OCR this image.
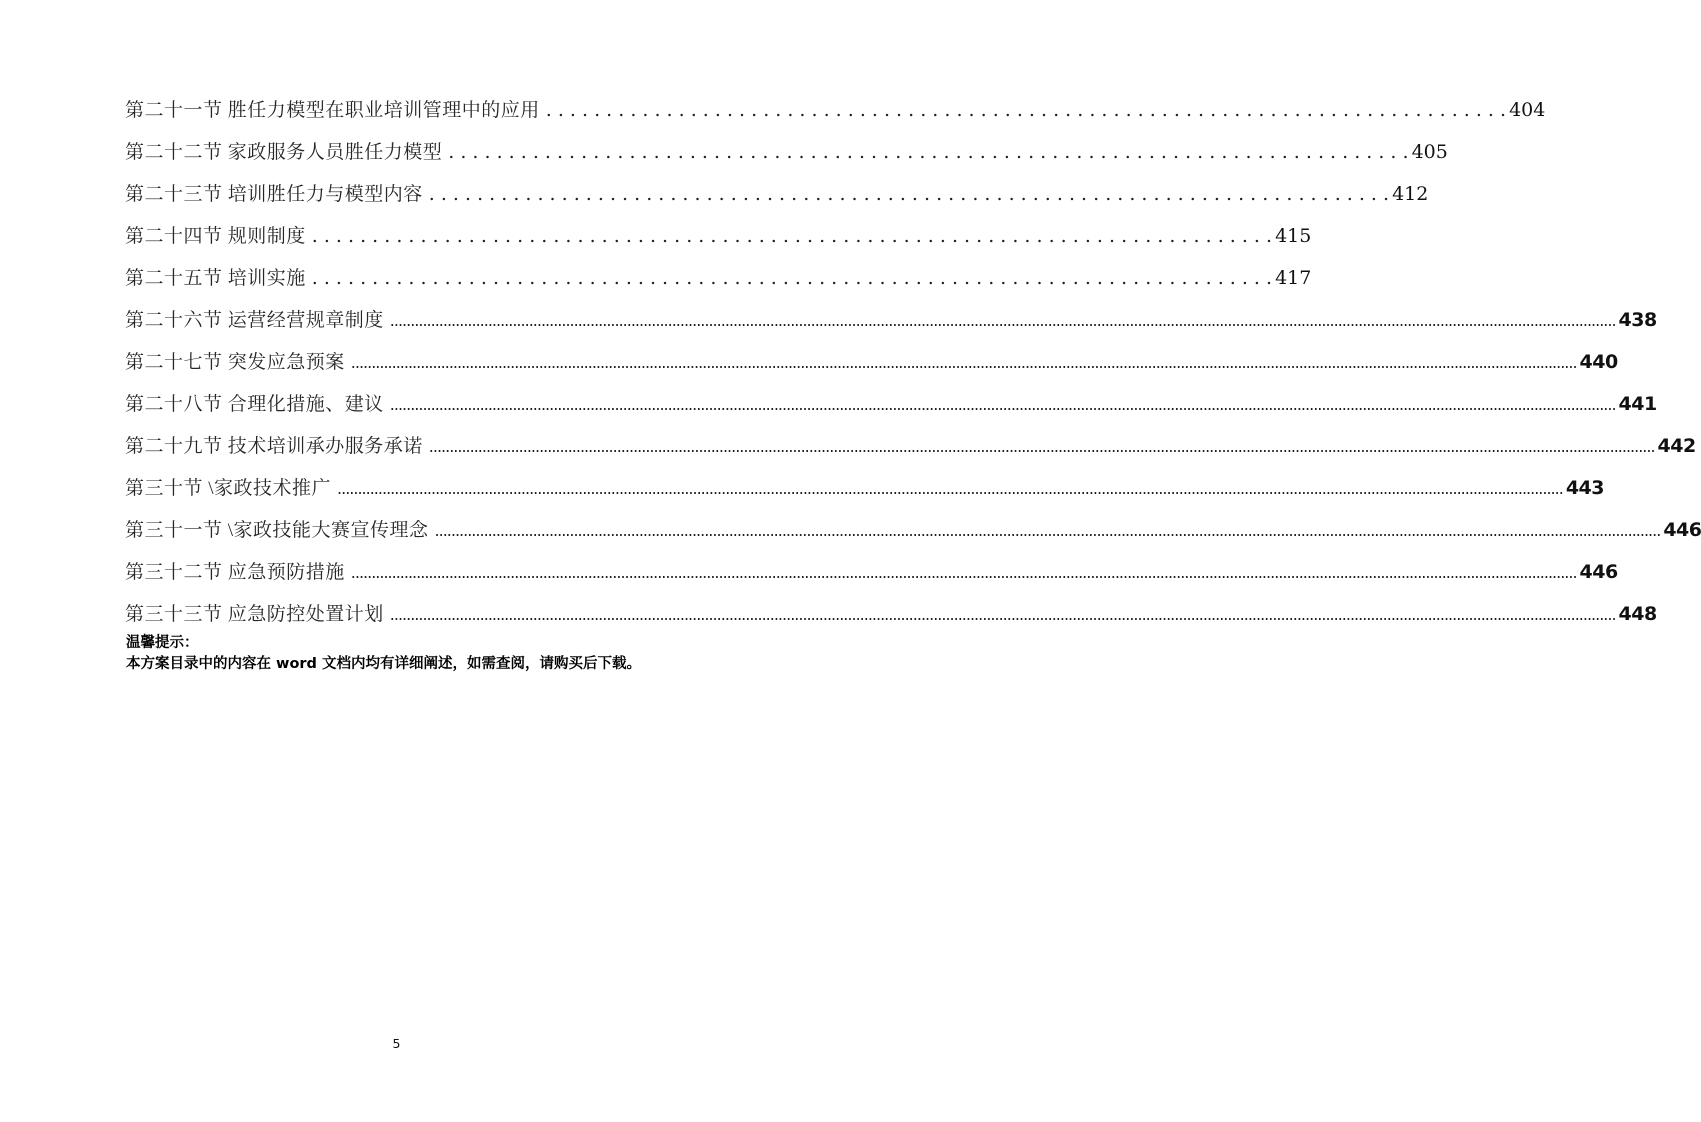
第二十一节 胜任力模型在职业培训管理中的应用 . . . . . . . . . . . . . . . . . . . . . . . . . . . . . . . . . . . . . . . . . . . . . . . . . . . . . . . . . . . . . . . . . . . . . . . . . . . . . . . . 404
第二十二节 家政服务人员胜任力模型 . . . . . . . . . . . . . . . . . . . . . . . . . . . . . . . . . . . . . . . . . . . . . . . . . . . . . . . . . . . . . . . . . . . . . . . . . . . . . . . . 405
第二十三节 培训胜任力与模型内容 . . . . . . . . . . . . . . . . . . . . . . . . . . . . . . . . . . . . . . . . . . . . . . . . . . . . . . . . . . . . . . . . . . . . . . . . . . . . . . . . 412
第二十四节 规则制度 . . . . . . . . . . . . . . . . . . . . . . . . . . . . . . . . . . . . . . . . . . . . . . . . . . . . . . . . . . . . . . . . . . . . . . . . . . . . . . . . 415
第二十五节 培训实施 . . . . . . . . . . . . . . . . . . . . . . . . . . . . . . . . . . . . . . . . . . . . . . . . . . . . . . . . . . . . . . . . . . . . . . . . . . . . . . . . 417
第二十六节 运营经营规章制度 ............................................................................................................................................................................................................................................................................................................ 438
第二十七节 突发应急预案 ............................................................................................................................................................................................................................................................................................................ 440
第二十八节 合理化措施、建议 ............................................................................................................................................................................................................................................................................................................ 441
第二十九节 技术培训承办服务承诺 ............................................................................................................................................................................................................................................................................................................ 442
第三十节 \家政技术推广 ............................................................................................................................................................................................................................................................................................................ 443
第三十一节 \家政技能大赛宣传理念 ............................................................................................................................................................................................................................................................................................................ 446
第三十二节 应急预防措施 ............................................................................................................................................................................................................................................................................................................ 446
第三十三节 应急防控处置计划 ............................................................................................................................................................................................................................................................................................................ 448
温馨提示：
本方案目录中的内容在 word 文档内均有详细阐述，如需查阅，请购买后下载。
5
